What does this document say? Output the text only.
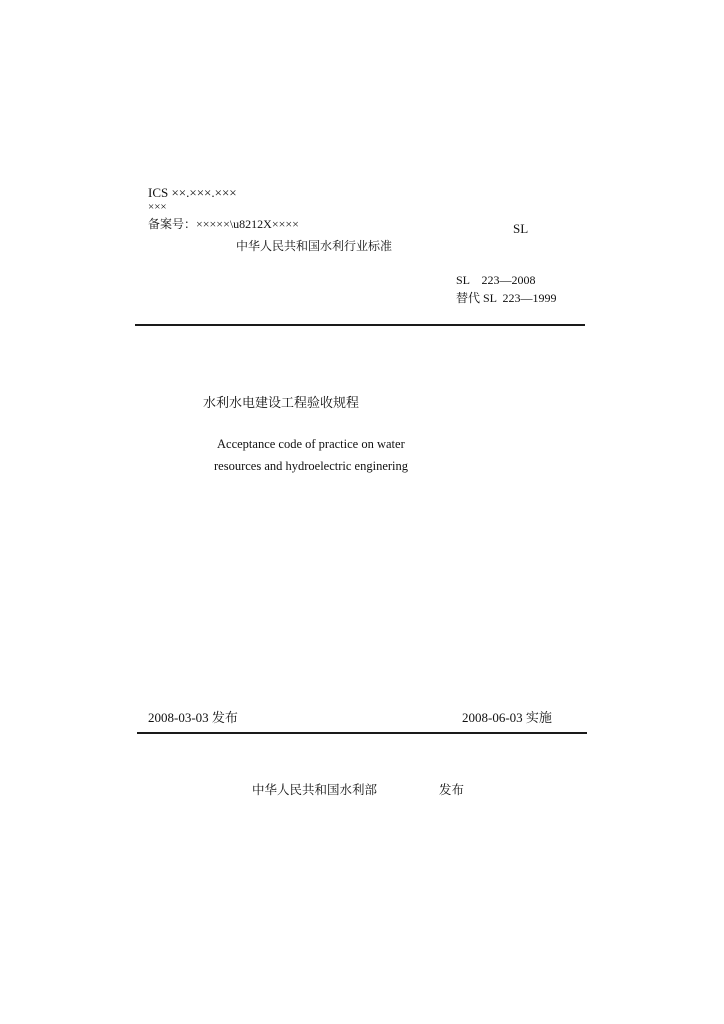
ICS ××.×××.×××
×××
备案号：×××××\u8212X××××	SL
中华人民共和国水利行业标准
SL    223—2008
替代 SL  223—1999
水利水电建设工程验收规程
Acceptance code of practice on water
resources and hydroelectric enginering
2008-03-03 发布	2008-06-03 实施
中华人民共和国水利部	发布
